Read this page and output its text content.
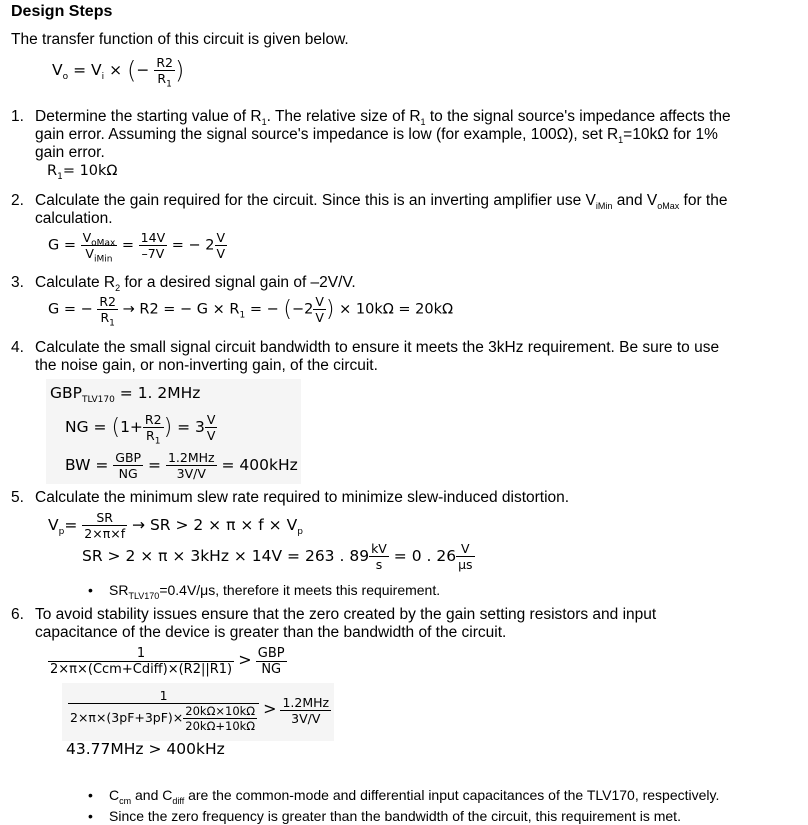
Design Steps
The transfer function of this circuit is given below.
$V_o = V_i$ × (− $\frac{R2}{R_1}$ )
1. Determine the starting value of $R_1$. The relative size of $R_1$ to the signal source's impedance affects the
gain error. Assuming the signal source's impedance is low (for example, 100Ω), set $R_1=10k\Omega$ for 1%
gain error.
$R_1= 10k\Omega$
2. Calculate the gain required for the circuit. Since this is an inverting amplifier use $V_{iMin}$ and $V_{oMax}$ for the
calculation.
$G = \frac{V_{oMax}}{V_{iMin}} = \frac{14V}{-7V}$ = − $2 \frac{V}{V}$
3. Calculate $R_2$ for a desired signal gain of –2V/V.
G = − $\frac{R2}{R_1} \to R2$ = − $G \times R_1$ = − ($-2 \frac{V}{V}$ ) × 10kΩ = 20kΩ
4. Calculate the small signal circuit bandwidth to ensure it meets the 3kHz requirement. Be sure to use
the noise gain, or non-inverting gain, of the circuit.
$GBP_{TLV170} = 1$. 2MHz
NG = ($1+ \frac{R2}{R_1}$ ) = $3 \frac{V}{V}$
BW = $\frac{\text{GBP}}{NG} = \frac{\text{1.2MHz}}{3V/V} = 400kHz$
5. Calculate the minimum slew rate required to minimize slew-induced distortion.
$V_p= \frac{SR}{2\times\pi\times f}$ → SR > $2 \times \pi \times f \times V_p$
SR > 2 × π × 3kHz × 14V = 263 . $89 \frac{kV}{s} = 0$ . $26 \frac{V}{\mu s}$
• $SR_{TLV170}=0.4V/\mu s$, therefore it meets this requirement.
6. To avoid stability issues ensure that the zero created by the gain setting resistors and input
capacitance of the device is greater than the bandwidth of the circuit.
$\frac{1}{\text{2×π×(Ccm+Cdiff)×(R2||R1)}} > \frac{\text{GBP}}{NG}$
$\frac{1}{2\times\pi\times(3pF+3pF)\times \frac{20k\Omega\times 10k\Omega}{20k\Omega+10k\Omega}} > \frac{\text{1.2MHz}}{3V/V}$
43.77MHz > 400kHz
• $C_{cm}$ and $C_{diff}$ are the common-mode and differential input capacitances of the TLV170, respectively.
• Since the zero frequency is greater than the bandwidth of the circuit, this requirement is met.
